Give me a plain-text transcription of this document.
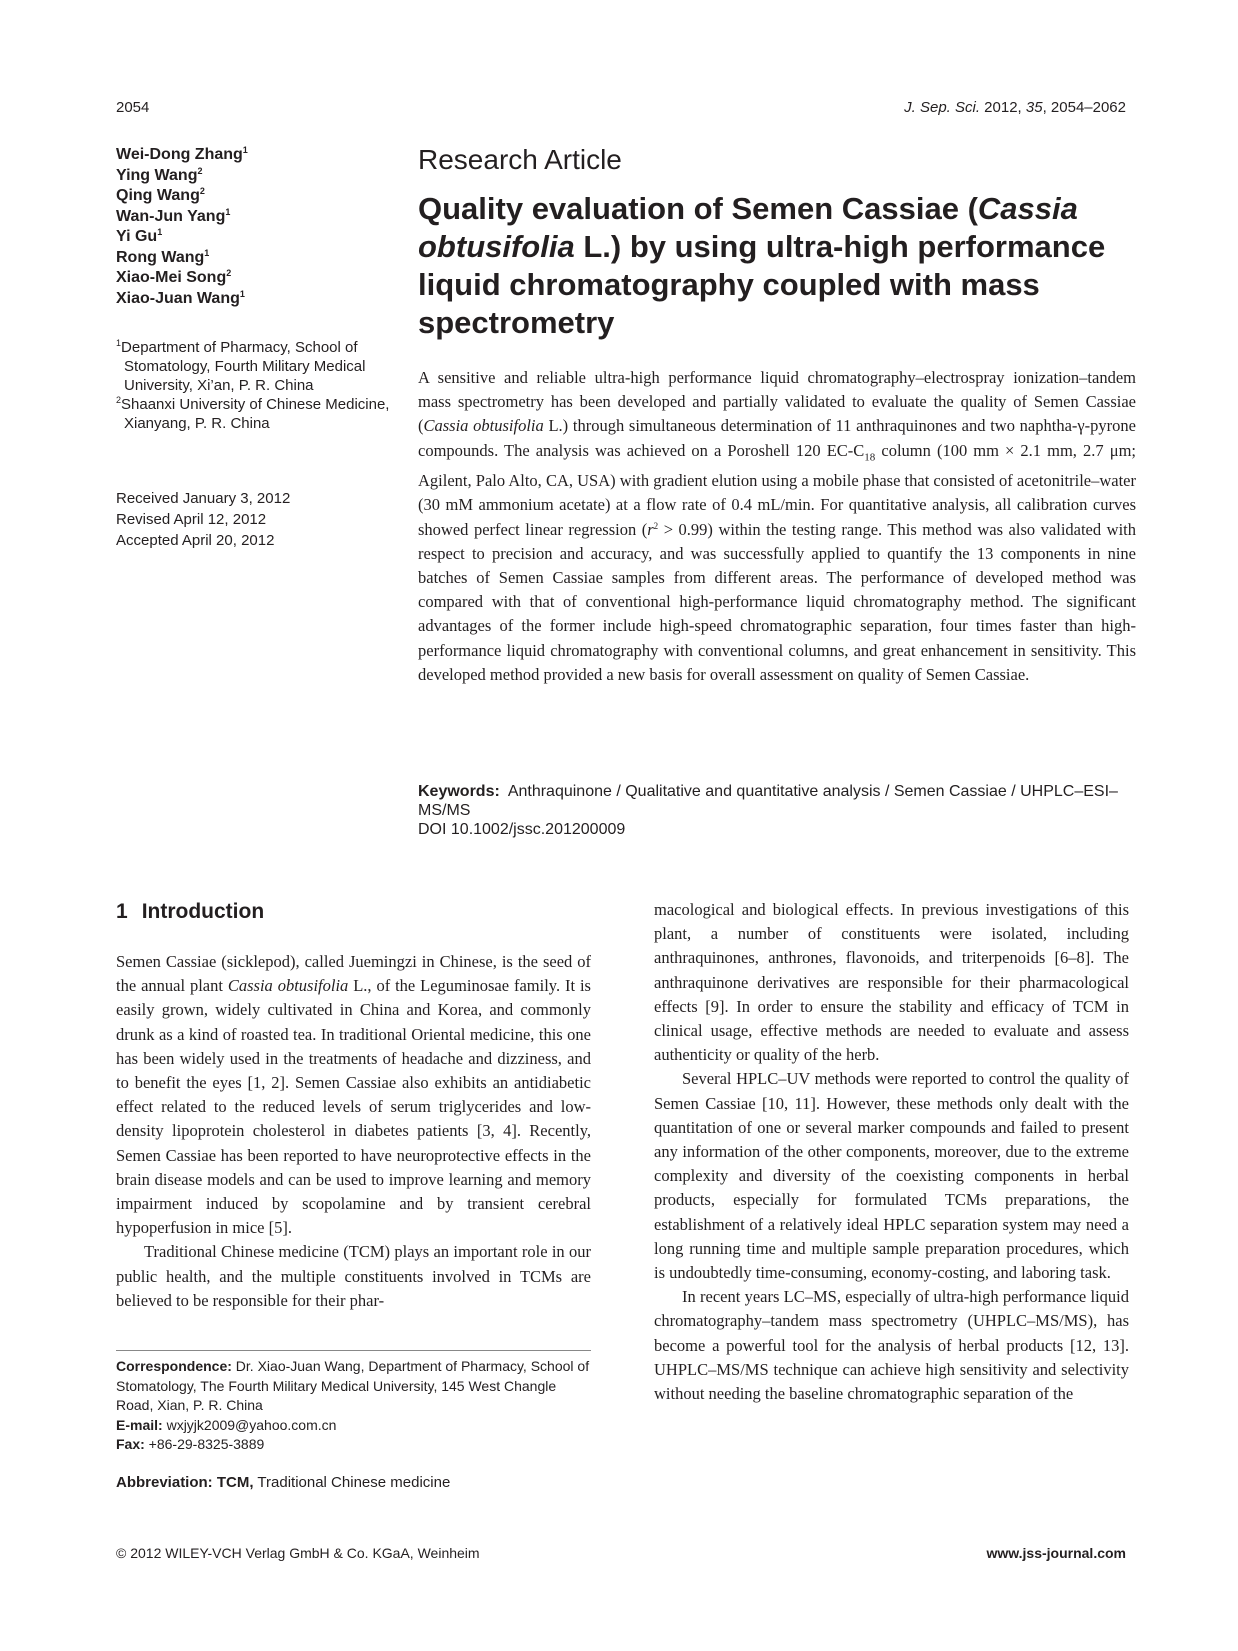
2054	J. Sep. Sci. 2012, 35, 2054–2062
Wei-Dong Zhang$^1$
Ying Wang$^2$
Qing Wang$^2$
Wan-Jun Yang$^1$
Yi Gu$^1$
Rong Wang$^1$
Xiao-Mei Song$^2$
Xiao-Juan Wang$^1$
$^1$Department of Pharmacy, School of Stomatology, Fourth Military Medical University, Xi’an, P. R. China
$^2$Shaanxi University of Chinese Medicine, Xianyang, P. R. China
Received January 3, 2012
Revised April 12, 2012
Accepted April 20, 2012
Research Article
Quality evaluation of Semen Cassiae (Cassia obtusifolia L.) by using ultra-high performance liquid chromatography coupled with mass spectrometry

A sensitive and reliable ultra-high performance liquid chromatography–electrospray ionization–tandem mass spectrometry has been developed and partially validated to evaluate the quality of Semen Cassiae (Cassia obtusifolia L.) through simultaneous determination of 11 anthraquinones and two naphtha-γ-pyrone compounds. The analysis was achieved on a Poroshell 120 $EC-C_{18}$ column (100 mm × 2.1 mm, 2.7 μm; Agilent, Palo Alto, CA, USA) with gradient elution using a mobile phase that consisted of acetonitrile–water (30 mM ammonium acetate) at a flow rate of 0.4 mL/min. For quantitative analysis, all calibration curves showed perfect linear regression $(r^2 > 0.99)$ within the testing range. This method was also validated with respect to precision and accuracy, and was successfully applied to quantify the 13 components in nine batches of Semen Cassiae samples from different areas. The performance of developed method was compared with that of conventional high-performance liquid chromatography method. The significant advantages of the former include high-speed chromatographic separation, four times faster than high-performance liquid chromatography with conventional columns, and great enhancement in sensitivity. This developed method provided a new basis for overall assessment on quality of Semen Cassiae.

Keywords: Anthraquinone / Qualitative and quantitative analysis / Semen Cassiae / UHPLC–ESI–MS/MS
DOI 10.1002/jssc.201200009
1 Introduction

Semen Cassiae (sicklepod), called Juemingzi in Chinese, is the seed of the annual plant Cassia obtusifolia L., of the Leguminosae family. It is easily grown, widely cultivated in China and Korea, and commonly drunk as a kind of roasted tea. In traditional Oriental medicine, this one has been widely used in the treatments of headache and dizziness, and to benefit the eyes [1, 2]. Semen Cassiae also exhibits an antidiabetic effect related to the reduced levels of serum triglycerides and low-density lipoprotein cholesterol in diabetes patients [3, 4]. Recently, Semen Cassiae has been reported to have neuroprotective effects in the brain disease models and can be used to improve learning and memory impairment induced by scopolamine and by transient cerebral hypoperfusion in mice [5].

Traditional Chinese medicine (TCM) plays an important role in our public health, and the multiple constituents involved in TCMs are believed to be responsible for their phar-

macological and biological effects. In previous investigations of this plant, a number of constituents were isolated, including anthraquinones, anthrones, flavonoids, and triterpenoids [6–8]. The anthraquinone derivatives are responsible for their pharmacological effects [9]. In order to ensure the stability and efficacy of TCM in clinical usage, effective methods are needed to evaluate and assess authenticity or quality of the herb.

Several HPLC–UV methods were reported to control the quality of Semen Cassiae [10, 11]. However, these methods only dealt with the quantitation of one or several marker compounds and failed to present any information of the other components, moreover, due to the extreme complexity and diversity of the coexisting components in herbal products, especially for formulated TCMs preparations, the establishment of a relatively ideal HPLC separation system may need a long running time and multiple sample preparation procedures, which is undoubtedly time-consuming, economy-costing, and laboring task.

In recent years LC–MS, especially of ultra-high performance liquid chromatography–tandem mass spectrometry (UHPLC–MS/MS), has become a powerful tool for the analysis of herbal products [12, 13]. UHPLC–MS/MS technique can achieve high sensitivity and selectivity without needing the baseline chromatographic separation of the

Correspondence: Dr. Xiao-Juan Wang, Department of Pharmacy, School of Stomatology, The Fourth Military Medical University, 145 West Changle Road, Xian, P. R. China
E-mail: wxjyjk2009@yahoo.com.cn
Fax: +86-29-8325-3889
Abbreviation: TCM, Traditional Chinese medicine
© 2012 WILEY-VCH Verlag GmbH & Co. KGaA, Weinheim	www.jss-journal.com
